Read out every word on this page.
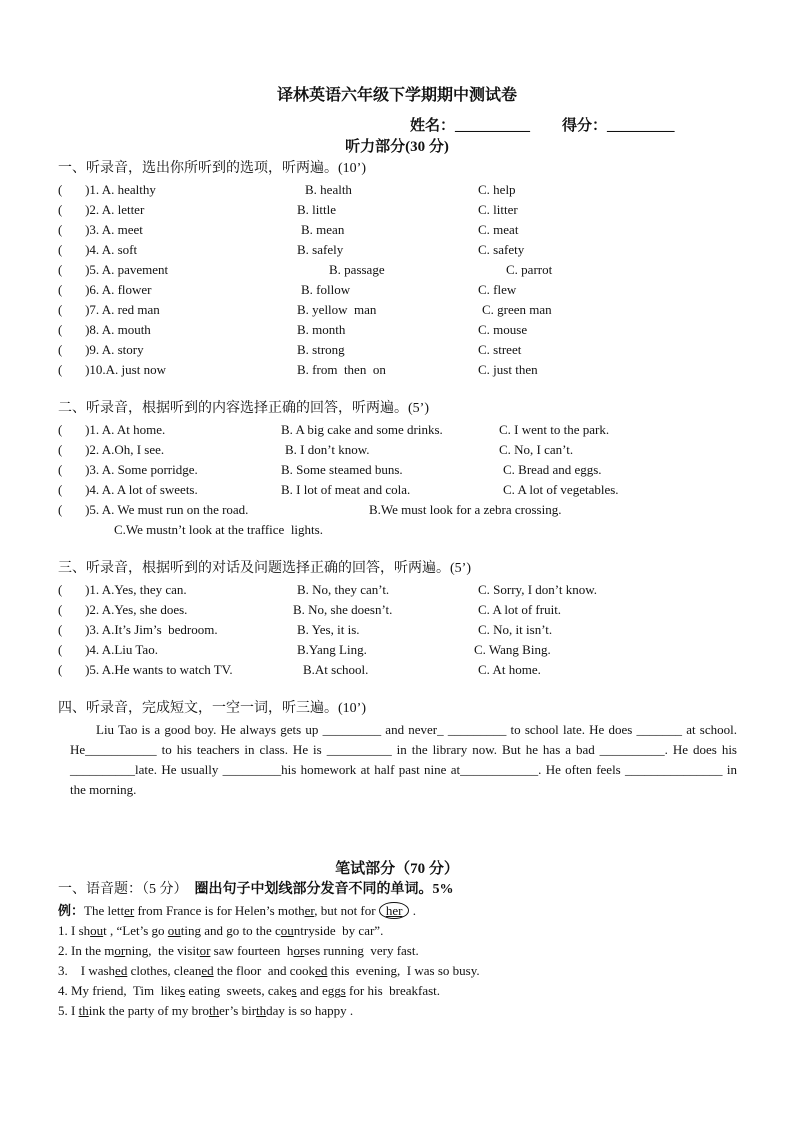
译林英语六年级下学期期中测试卷
姓名：__________ 得分：_________
听力部分(30 分)
一、听录音，选出你所听到的选项，听两遍。(10’)
(       )1. A. healthy	B. health	C. help
(       )2. A. letter	B. little	C. litter
(       )3. A. meet	B. mean	C. meat
(       )4. A. soft	B. safely	C. safety
(       )5. A. pavement	B. passage	C. parrot
(       )6. A. flower	B. follow	C. flew
(       )7. A. red man	B. yellow  man	C. green man
(       )8. A. mouth	B. month	C. mouse
(       )9. A. story	B. strong	C. street
(       )10.A. just now	B. from  then  on	C. just then
二、听录音，根据听到的内容选择正确的回答，听两遍。(5’)
(       )1. A. At home.	B. A big cake and some drinks.	C. I went to the park.
(       )2. A.Oh, I see.	B. I don’t know.	C. No, I can’t.
(       )3. A. Some porridge.	B. Some steamed buns.	C. Bread and eggs.
(       )4. A. A lot of sweets.	B. I lot of meat and cola.	C. A lot of vegetables.
(       )5. A. We must run on the road.	B.We must look for a zebra crossing.
C.We mustn’t look at the traffice  lights.
三、听录音，根据听到的对话及问题选择正确的回答，听两遍。(5’)
(       )1. A.Yes, they can.	B. No, they can’t.	C. Sorry, I don’t know.
(       )2. A.Yes, she does.	B. No, she doesn’t.	C. A lot of fruit.
(       )3. A.It’s Jim’s  bedroom.	B. Yes, it is.	C. No, it isn’t.
(       )4. A.Liu Tao.	B.Yang Ling.	C. Wang Bing.
(       )5. A.He wants to watch TV.	B.At school.	C. At home.
四、听录音，完成短文，一空一词，听三遍。(10’)
Liu Tao is a good boy. He always gets up _________ and never_ _________ to school late. He does _______ at school. He___________ to his teachers in class. He is __________ in the library now. But he has a bad __________. He does his __________late. He usually _________his homework at half past nine at____________. He often feels _______________ in the morning.
笔试部分（70 分）
一、语音题：（5 分） 圈出句子中划线部分发音不同的单词。5%
例：The letter from France is for Helen’s mother, but not for her .
1. I shout , “Let’s go outing and go to the countryside  by car”.
2. In the morning,  the visitor saw fourteen  horses running  very fast.
3.    I washed clothes, cleaned the floor  and cooked this  evening,  I was so busy.
4. My friend,  Tim  likes eating  sweets, cakes and eggs for his  breakfast.
5. I think the party of my brother’s birthday is so happy .
